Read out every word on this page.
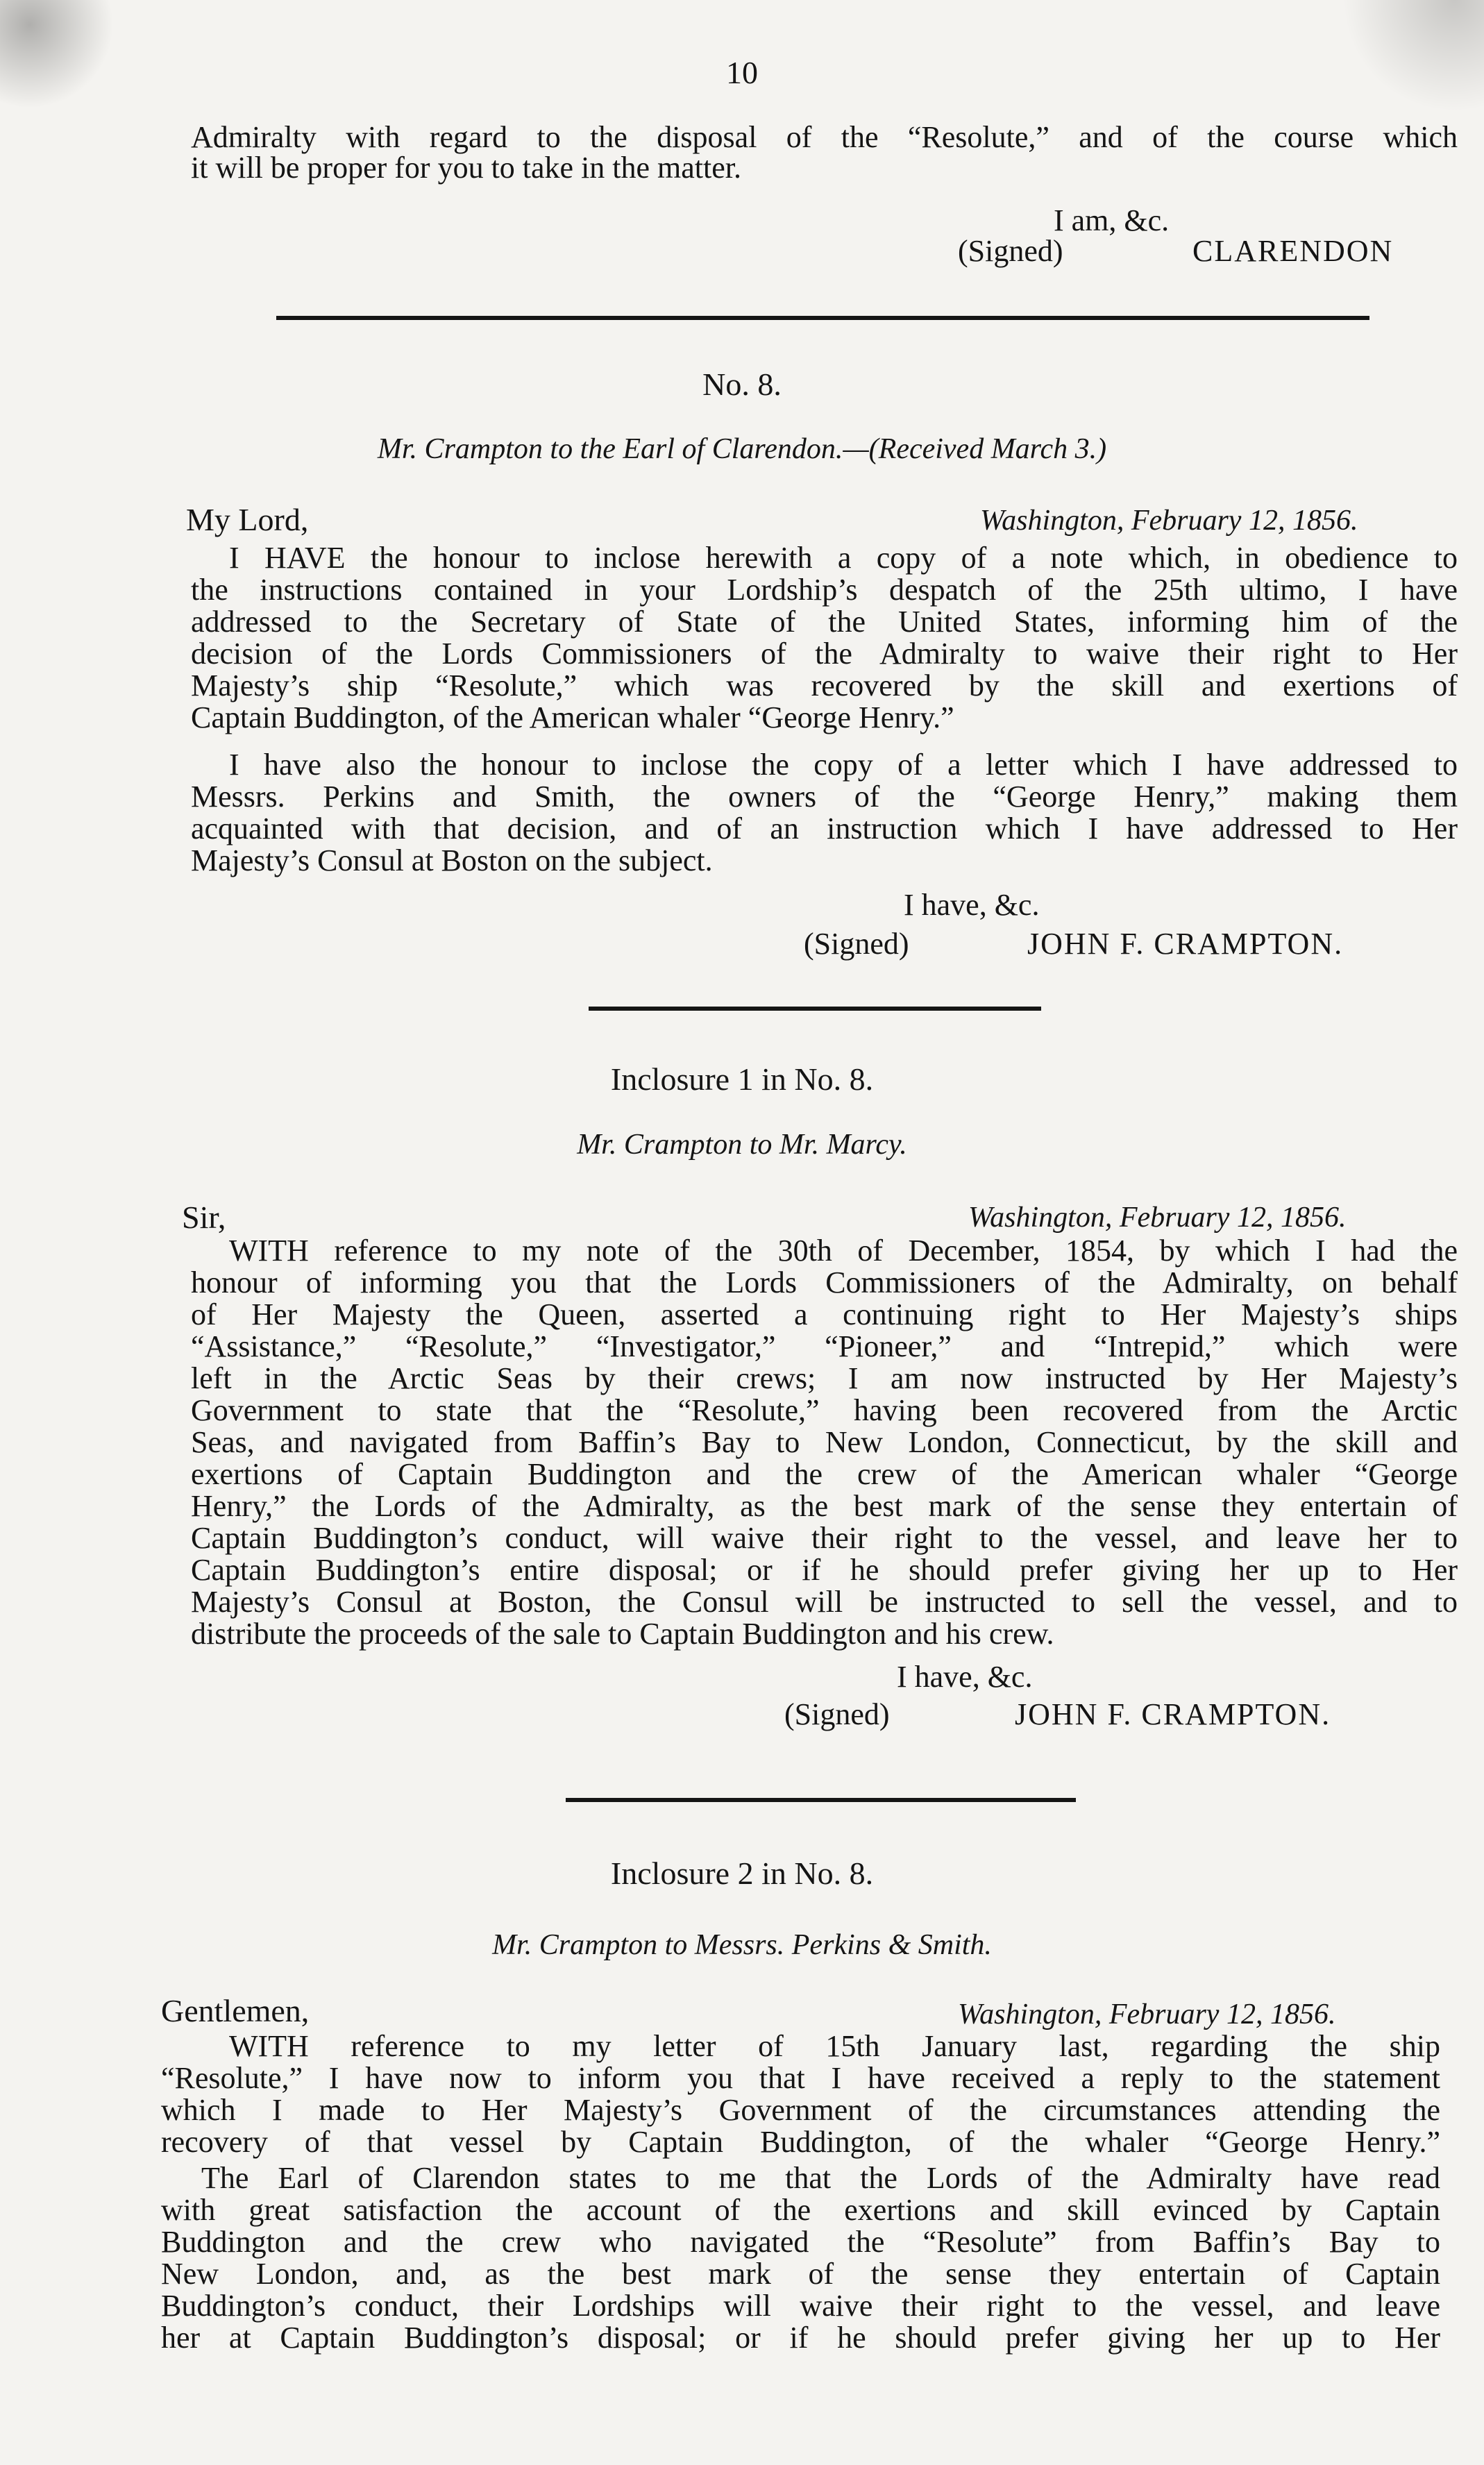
10
Admiralty with regard to the disposal of the “Resolute,” and of the course which
it will be proper for you to take in the matter.
I am, &c.
(Signed)	CLARENDON
No. 8.
Mr. Crampton to the Earl of Clarendon.—(Received March 3.)
My Lord,	Washington, February 12, 1856.
I HAVE the honour to inclose herewith a copy of a note which, in obedience to
the instructions contained in your Lordship’s despatch of the 25th ultimo, I have
addressed to the Secretary of State of the United States, informing him of the
decision of the Lords Commissioners of the Admiralty to waive their right to Her
Majesty’s ship “Resolute,” which was recovered by the skill and exertions of
Captain Buddington, of the American whaler “George Henry.”
I have also the honour to inclose the copy of a letter which I have addressed to
Messrs. Perkins and Smith, the owners of the “George Henry,” making them
acquainted with that decision, and of an instruction which I have addressed to Her
Majesty’s Consul at Boston on the subject.
I have, &c.
(Signed)	JOHN F. CRAMPTON.
Inclosure 1 in No. 8.
Mr. Crampton to Mr. Marcy.
Sir,	Washington, February 12, 1856.
WITH reference to my note of the 30th of December, 1854, by which I had the
honour of informing you that the Lords Commissioners of the Admiralty, on behalf
of Her Majesty the Queen, asserted a continuing right to Her Majesty’s ships
“Assistance,” “Resolute,” “Investigator,” “Pioneer,” and “Intrepid,” which were
left in the Arctic Seas by their crews; I am now instructed by Her Majesty’s
Government to state that the “Resolute,” having been recovered from the Arctic
Seas, and navigated from Baffin’s Bay to New London, Connecticut, by the skill and
exertions of Captain Buddington and the crew of the American whaler “George
Henry,” the Lords of the Admiralty, as the best mark of the sense they entertain of
Captain Buddington’s conduct, will waive their right to the vessel, and leave her to
Captain Buddington’s entire disposal; or if he should prefer giving her up to Her
Majesty’s Consul at Boston, the Consul will be instructed to sell the vessel, and to
distribute the proceeds of the sale to Captain Buddington and his crew.
I have, &c.
(Signed)	JOHN F. CRAMPTON.
Inclosure 2 in No. 8.
Mr. Crampton to Messrs. Perkins & Smith.
Gentlemen,	Washington, February 12, 1856.
WITH reference to my letter of 15th January last, regarding the ship
“Resolute,” I have now to inform you that I have received a reply to the statement
which I made to Her Majesty’s Government of the circumstances attending the
recovery of that vessel by Captain Buddington, of the whaler “George Henry.”
The Earl of Clarendon states to me that the Lords of the Admiralty have read
with great satisfaction the account of the exertions and skill evinced by Captain
Buddington and the crew who navigated the “Resolute” from Baffin’s Bay to
New London, and, as the best mark of the sense they entertain of Captain
Buddington’s conduct, their Lordships will waive their right to the vessel, and leave
her at Captain Buddington’s disposal; or if he should prefer giving her up to Her
